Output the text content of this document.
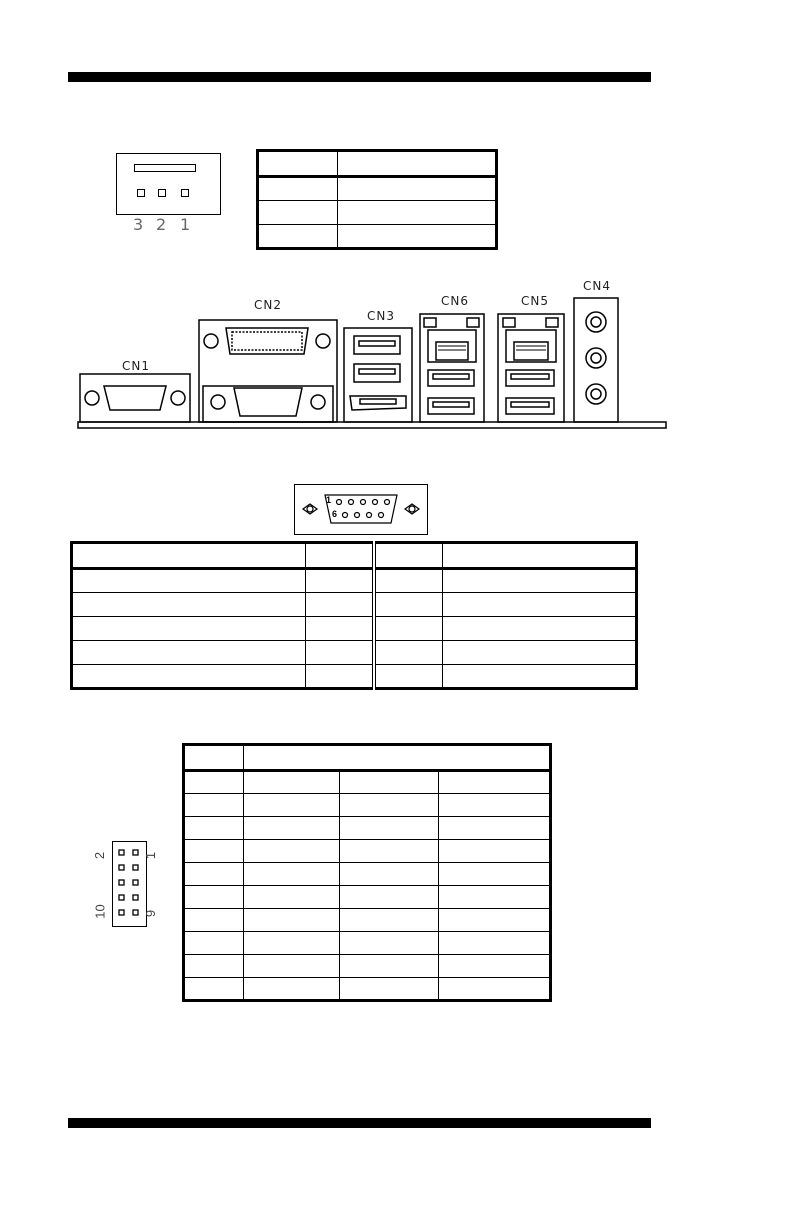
3 2 1

CN1
CN2
CN3
CN6	CN5
CN4
1
6

2	1
10	9
